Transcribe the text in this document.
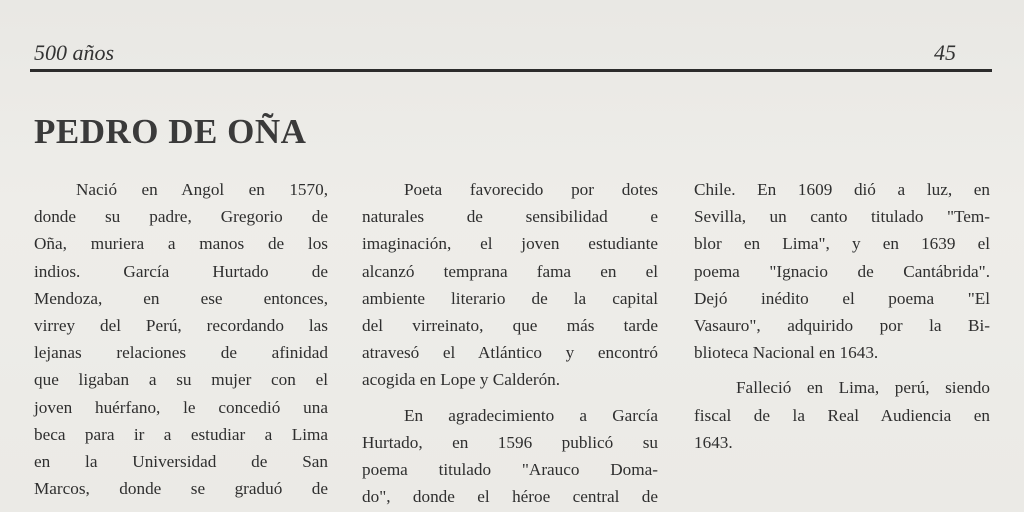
500 años	45
PEDRO DE OÑA
Nació en Angol en 1570,
donde su padre, Gregorio de
Oña, muriera a manos de los
indios. García Hurtado de
Mendoza, en ese entonces,
virrey del Perú, recordando las
lejanas relaciones de afinidad
que ligaban a su mujer con el
joven huérfano, le concedió una
beca para ir a estudiar a Lima
en la Universidad de San
Marcos, donde se graduó de
Poeta favorecido por dotes
naturales de sensibilidad e
imaginación, el joven estudiante
alcanzó temprana fama en el
ambiente literario de la capital
del virreinato, que más tarde
atravesó el Atlántico y encontró
acogida en Lope y Calderón.
En agradecimiento a García
Hurtado, en 1596 publicó su
poema titulado "Arauco Doma-
do", donde el héroe central de
Chile. En 1609 dió a luz, en
Sevilla, un canto titulado "Tem-
blor en Lima", y en 1639 el
poema "Ignacio de Cantábrida".
Dejó inédito el poema "El
Vasauro", adquirido por la Bi-
blioteca Nacional en 1643.
Falleció en Lima, perú, siendo
fiscal de la Real Audiencia en
1643.
